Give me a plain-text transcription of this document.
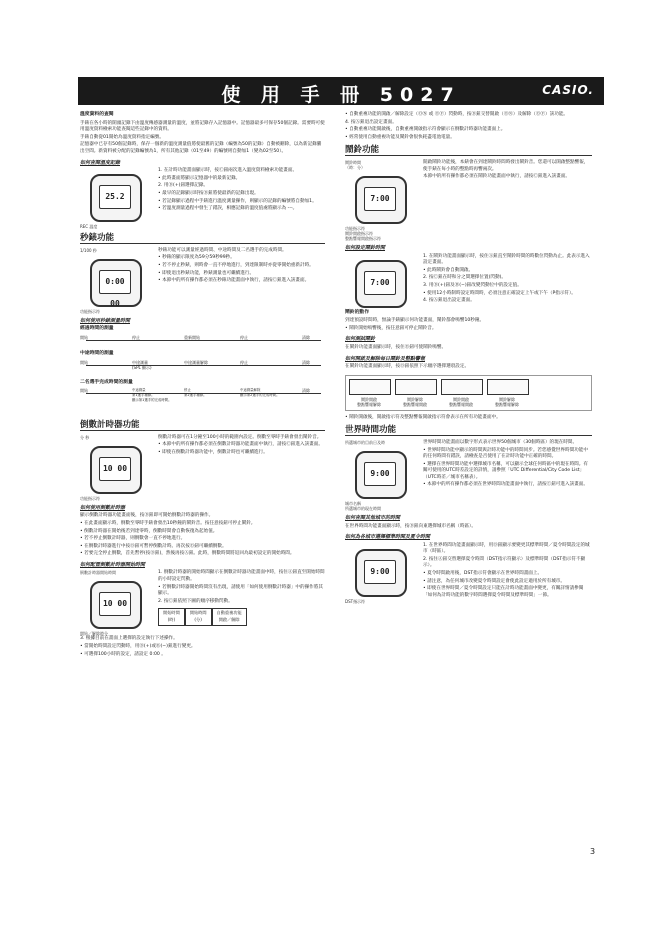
使 用 手 冊 5027	CASIO.
溫度資料的查閱

手錶在各小時的開頭記錄下由溫度傳感器測量的溫度，並將記錄存入記憶器中。記憶器最多可保存50個記錄。需要時可使用溫度資料檢索功能查閱這些記錄中的資料。

手錶自動從01開始為溫度資料指定編號。

記憶器中已存有50個記錄時，保存一個新的溫度測量值將使最舊的記錄（編號為50的記錄）自動被刪除，以為新記錄騰出空間。新資料被分配的記錄編號為1，所有其他記錄（01至49）的編號則自動加1（變為02至50）。

如何查閱溫度記錄
25.2
REC 溫度

1. 在計時功能畫面顯示時，按Ⓒ鈕兩次進入溫度資料檢索功能畫面。

• 此時畫面將顯示記憶器中的最新記錄。

2. 用Ⓓ(+)鈕選擇記錄。

• 最早的記錄顯示時按Ⓓ鈕將使最新的記錄出現。

• 若記錄顯示過程中手錶進行溫度測量操作，則顯示的記錄的編號將自動加1。

• 若溫度測量過程中發生了錯誤，相應記錄的溫度值處將顯示為 ---。

秒錶功能
1/100 秒
0:00 00
功能指示符

秒錶功能可以測量經過時間、中途時間及二名選手的完成時間。

• 秒錶的顯示限度為59分59秒99秒。

• 若不停止秒錶，則時會一直不停地進行，到達限制時亦從零開始重新計時。

• 即使退出秒錶功能，秒錶測量也可繼續進行。

• 本節中的所有操作都必須在秒錶功能畫面中執行，請按Ⓒ鈕進入該畫面。

如何使用秒錶測量時間
經過時間的測量
開始	停止	重新開始	停止	清除
中途時間的測量
開始	中途測量
(SPL 顯示)
中途測量解除	停止	清除
二名選手完成時間的測量
開始	中途測量
第1選手撞線。
顯示第1選手的完成時間。
停止
第2選手撞線。
中途測量解除
顯示第2選手的完成時間。
清除
倒數計時器功能
分 秒
10 00
功能指示符

倒數計時器可在1分鐘至100小時的範圍內設定。倒數至零時手錶會發出鬧鈴音。

• 本節中的所有操作都必須在倒數計時器功能畫面中執行，請按Ⓒ鈕進入該畫面。

• 即使在倒數計時器功能中，倒數計時也可繼續進行。

如何使用倒數計時器

顯示倒數計時器功能畫面後，按Ⓓ鈕即可開始倒數計時器的操作。

• 在此畫面顯示時，倒數至零時手錶會發出10秒鐘的鬧鈴音。按任意按鈕可停止鬧鈴。

• 倒數計時器在開始後若到達零時，倒數時間會自動恢復為起始值。

• 若不停止倒數計時器，則倒數會一直不停地進行。

• 在倒數計時器進行中按Ⓓ鈕可暫停倒數計時。再次按Ⓓ鈕可繼續倒數。

• 若要完全停止倒數，首先暫停(按Ⓓ鈕)，然後再按Ⓐ鈕。此時，倒數時間將返回為最初設定的開始時間。

如何配置倒數計時器開始時間
倒數計時器開始時間
10 00
開始／解除時分

1. 倒數計時器的開始時間顯示在倒數計時器功能畫面中時，按住Ⓐ鈕直至開始時間的小時設定閃動。

• 若倒數計時器開始時間沒有出現，請使用「如何使用倒數計時器」中的操作將其顯示。

2. 按Ⓒ鈕依照下圖的順序移動閃動。

開始時間
(時)
開始時間
(分)
自動重複功能
開啟／解除

3. 根據目前在畫面上選擇的設定執行下述操作。

• 當開始時間設定閃動時，用Ⓓ(+)或Ⓑ(−)鈕進行變更。

• 可選擇100小時的設定，請設定 0:00 。

• 自動重複功能的開啟／解除設定（ⓄⓃ 或 ⓄⒻ）閃動時，按Ⓓ鈕交替開啟（ⓄⓃ）及解除（ⓄⒻ）該功能。

4. 按Ⓐ鈕退出設定畫面。

• 自動重複功能開啟後，自動重複開啟指示符會顯示在倒數計時器功能畫面上。

• 經常使用自動重複功能及鬧鈴會很快耗盡電池電量。

鬧鈴功能
鬧鈴時間
（時：分）
7:00
功能指示符
鬧鈴開啟指示符
整點響報開啟指示符

開啟鬧鈴功能後，本錶會在到達鬧鈴時間時發出鬧鈴音。您還可以開啟整點響報，使手錶在每小時的整點時再響兩次。

本節中的所有操作都必須在鬧鈴功能畫面中執行，請按Ⓒ鈕進入該畫面。

如何設定鬧鈴時間
7:00

1. 在鬧鈴功能畫面顯示時，按住Ⓐ鈕直至鬧鈴時間的時數位閃動為止。此表示進入設定畫面。

• 此時鬧鈴會自動開啟。

2. 按Ⓒ鈕在時和分之間選擇位置(閃動)。

3. 用Ⓓ(+)鈕及Ⓑ(−)鈕改變閃動位中的設定值。

• 使用12小時制時設定時間時，必須注意正確設定上午或下午（P指示符）。

4. 按Ⓐ鈕退出設定畫面。

鬧鈴的動作

到達預設時間時，無論手錶顯示何功能畫面，鬧鈴都會鳴響10秒鐘。

• 鬧鈴開始鳴響後，按任意鈕可停止鬧鈴音。

如何測試鬧鈴

在鬧鈴功能畫面顯示時，按住Ⓓ鈕可使鬧鈴鳴響。

如何開啟及解除每日鬧鈴及整點響報

在鬧鈴功能畫面顯示時，按Ⓓ鈕依照下示順序選擇選項設定。

鬧鈴開啟
整點響報解除
鬧鈴解除
整點響報開啟
鬧鈴開啟
整點響報開啟
鬧鈴解除
整點響報解除

• 鬧鈴開啟後，開啟指示符及整點響報開啟指示符會表示在所有功能畫面中。

世界時間功能
所選城市的目前日及時
9:00
城市名稱
所選城市的現在時間

世界時間功能畫面以數字形式表示世界50個城市（30個時區）的現在時間。

• 世界時間功能中顯示的時間與計時功能中的時間同步。若您感覺世界時間功能中的任何時間有錯誤，請檢查是否使用了在計時功能中正確的時間。

• 選擇在世界時間功能中選擇城市名稱，可以顯示全球任何時區中的現在時間。有關可使用的UTC時差設定的詳情，請參照「UTC Differential/City Code List」（UTC時差／城市名稱表）。

• 本節中的所有操作都必須在世界時間功能畫面中執行，請按Ⓒ鈕可進入該畫面。

如何查閱其他城市的時間

在世界時間功能畫面顯示時，按Ⓓ鈕向東選擇城市名稱（時區）。

如何為各城市選擇標準時間及夏令時間
9:00
DST指示符

1. 在世界時間功能畫面顯示時，用Ⓓ鈕顯示要變更其標準時間／夏令時間設定的城市（時區）。

2. 按住Ⓐ鈕交替選擇夏令時間（DST指示符顯示）及標準時間（DST指示符不顯示）。

• 夏令時間啟用後，DST指示符會顯示在世界時間畫面上。

• 請注意，為任何城市改變夏令時間設定會使此設定適用於所有城市。

• 即使在世界時間／夏令時間設定只能在計時功能畫面中變更，有關詳情請參閱「如何為計時功能的數字時間選擇夏令時間及標準時間」一節。

3
